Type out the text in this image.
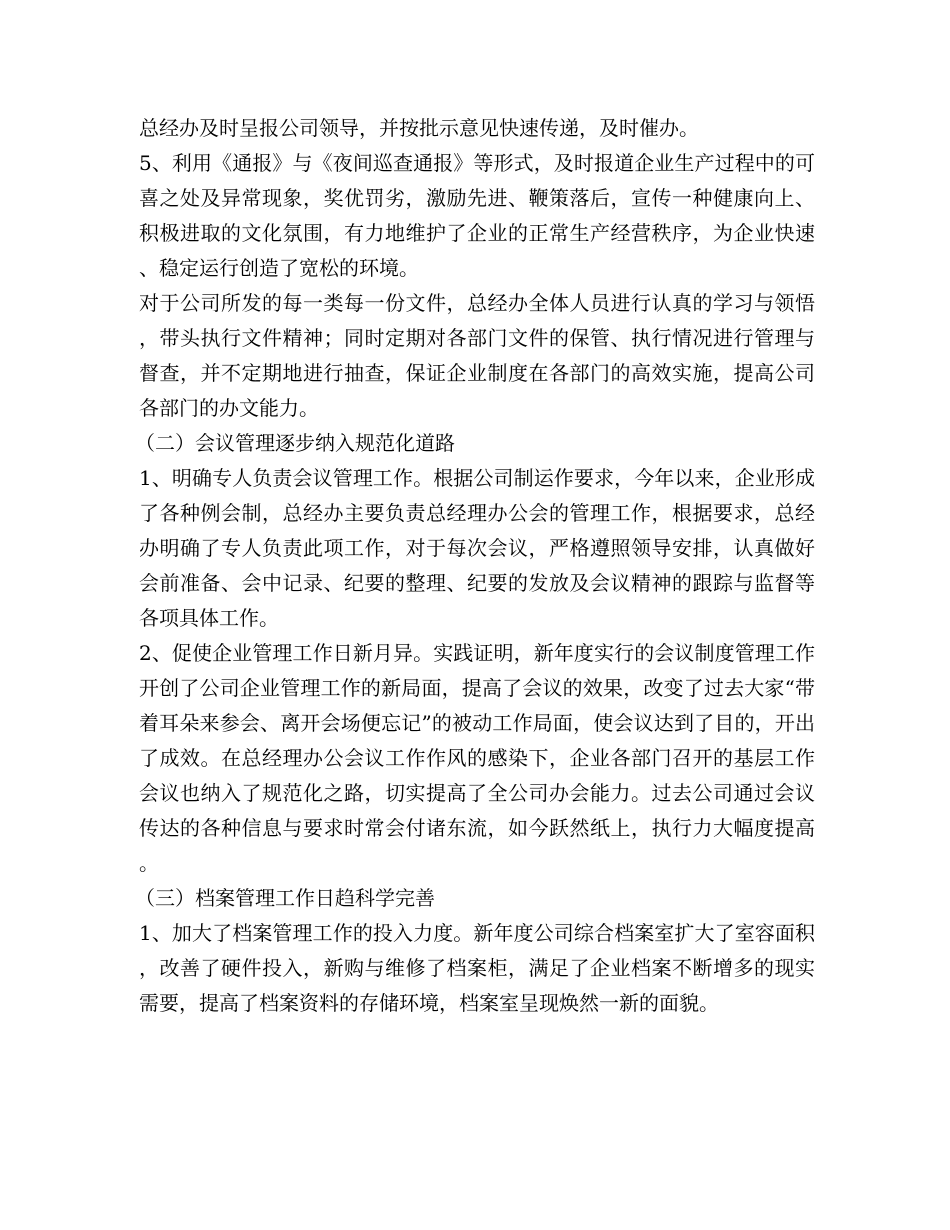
总经办及时呈报公司领导，并按批示意见快速传递，及时催办。

5、利用《通报》与《夜间巡查通报》等形式，及时报道企业生产过程中的可喜之处及异常现象，奖优罚劣，激励先进、鞭策落后，宣传一种健康向上、积极进取的文化氛围，有力地维护了企业的正常生产经营秩序，为企业快速、稳定运行创造了宽松的环境。

对于公司所发的每一类每一份文件，总经办全体人员进行认真的学习与领悟，带头执行文件精神；同时定期对各部门文件的保管、执行情况进行管理与督查，并不定期地进行抽查，保证企业制度在各部门的高效实施，提高公司各部门的办文能力。

（二）会议管理逐步纳入规范化道路

1、明确专人负责会议管理工作。根据公司制运作要求，今年以来，企业形成了各种例会制，总经办主要负责总经理办公会的管理工作，根据要求，总经办明确了专人负责此项工作，对于每次会议，严格遵照领导安排，认真做好会前准备、会中记录、纪要的整理、纪要的发放及会议精神的跟踪与监督等各项具体工作。

2、促使企业管理工作日新月异。实践证明，新年度实行的会议制度管理工作开创了公司企业管理工作的新局面，提高了会议的效果，改变了过去大家“带着耳朵来参会、离开会场便忘记”的被动工作局面，使会议达到了目的，开出了成效。在总经理办公会议工作作风的感染下，企业各部门召开的基层工作会议也纳入了规范化之路，切实提高了全公司办会能力。过去公司通过会议传达的各种信息与要求时常会付诸东流，如今跃然纸上，执行力大幅度提高。

（三）档案管理工作日趋科学完善

1、加大了档案管理工作的投入力度。新年度公司综合档案室扩大了室容面积，改善了硬件投入，新购与维修了档案柜，满足了企业档案不断增多的现实需要，提高了档案资料的存储环境，档案室呈现焕然一新的面貌。
